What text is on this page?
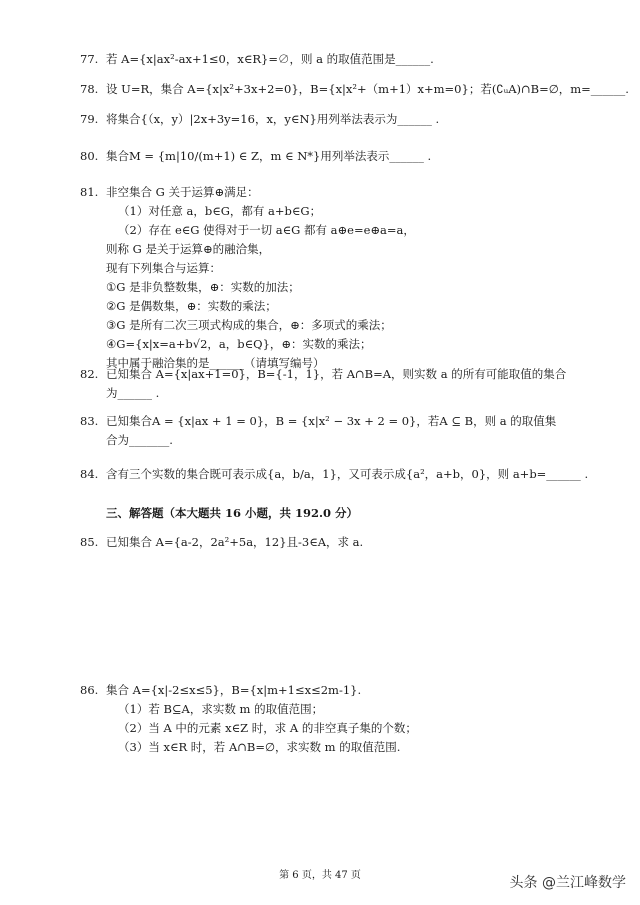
77. 若 A={x|ax²-ax+1≤0，x∈R}=∅，则 a 的取值范围是______.
78. 设 U=R，集合 A={x|x²+3x+2=0}，B={x|x²+（m+1）x+m=0}；若(∁ᵤA)∩B=∅，m=______.
79. 将集合{（x，y）|2x+3y=16，x，y∈N}用列举法表示为______ .
80. 集合M = {m|10/(m+1) ∈ Z，m ∈ N*}用列举法表示______ .
81. 非空集合 G 关于运算⊕满足：
（1）对任意 a，b∈G，都有 a+b∈G；
（2）存在 e∈G 使得对于一切 a∈G 都有 a⊕e=e⊕a=a，
则称 G 是关于运算⊕的融洽集，
现有下列集合与运算：
①G 是非负整数集，⊕：实数的加法；
②G 是偶数集，⊕：实数的乘法；
③G 是所有二次三项式构成的集合，⊕：多项式的乘法；
④G={x|x=a+b√2，a，b∈Q}，⊕：实数的乘法；
其中属于融洽集的是______（请填写编号）
82. 已知集合 A={x|ax+1=0}，B={-1，1}，若 A∩B=A，则实数 a 的所有可能取值的集合
为______ .
83. 已知集合A = {x|ax + 1 = 0}，B = {x|x² − 3x + 2 = 0}，若A ⊆ B，则 a 的取值集
合为_______.
84. 含有三个实数的集合既可表示成{a，b/a，1}，又可表示成{a²，a+b，0}，则 a+b=______ .
三、解答题（本大题共 16 小题，共 192.0 分）
85. 已知集合 A={a-2，2a²+5a，12}且-3∈A，求 a.
86. 集合 A={x|-2≤x≤5}，B={x|m+1≤x≤2m-1}.
（1）若 B⊆A，求实数 m 的取值范围；
（2）当 A 中的元素 x∈Z 时，求 A 的非空真子集的个数；
（3）当 x∈R 时，若 A∩B=∅，求实数 m 的取值范围.
第 6 页，共 47 页	头条 @兰江峰数学
